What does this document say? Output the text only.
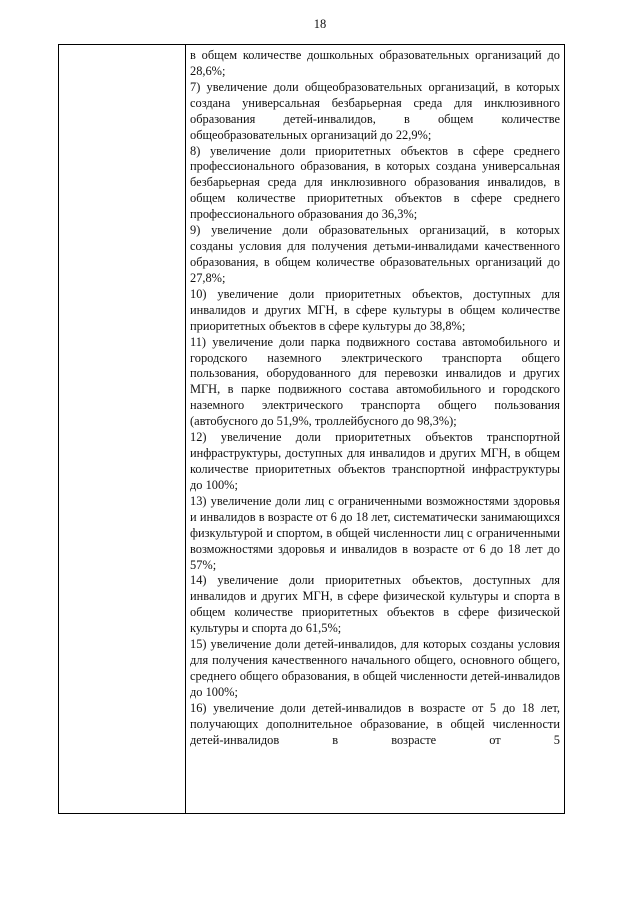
18

в общем количестве дошкольных образовательных организаций до 28,6%;

7) увеличение доли общеобразовательных организаций, в которых создана универсальная безбарьерная среда для инклюзивного образования детей-инвалидов, в общем количестве общеобразовательных организаций до 22,9%;

8) увеличение доли приоритетных объектов в сфере среднего профессионального образования, в которых создана универсальная безбарьерная среда для инклюзивного образования инвалидов, в общем количестве приоритетных объектов в сфере среднего профессионального образования до 36,3%;

9) увеличение доли образовательных организаций, в которых созданы условия для получения детьми-инвалидами качественного образования, в общем количестве образовательных организаций до 27,8%;

10) увеличение доли приоритетных объектов, доступных для инвалидов и других МГН, в сфере культуры в общем количестве приоритетных объектов в сфере культуры до 38,8%;

11) увеличение доли парка подвижного состава автомобильного и городского наземного электрического транспорта общего пользования, оборудованного для перевозки инвалидов и других МГН, в парке подвижного состава автомобильного и городского наземного электрического транспорта общего пользования (автобусного до 51,9%, троллейбусного до 98,3%);

12) увеличение доли приоритетных объектов транспортной инфраструктуры, доступных для инвалидов и других МГН, в общем количестве приоритетных объектов транспортной инфраструктуры до 100%;

13) увеличение доли лиц с ограниченными возможностями здоровья и инвалидов в возрасте от 6 до 18 лет, систематически занимающихся физкультурой и спортом, в общей численности лиц с ограниченными возможностями здоровья и инвалидов в возрасте от 6 до 18 лет до 57%;

14) увеличение доли приоритетных объектов, доступных для инвалидов и других МГН, в сфере физической культуры и спорта в общем количестве приоритетных объектов в сфере физической культуры и спорта до 61,5%;

15) увеличение доли детей-инвалидов, для которых созданы условия для получения качественного начального общего, основного общего, среднего общего образования, в общей численности детей-инвалидов до 100%;

16) увеличение доли детей-инвалидов в возрасте от 5 до 18 лет, получающих дополнительное образование, в общей численности детей-инвалидов в возрасте от 5
